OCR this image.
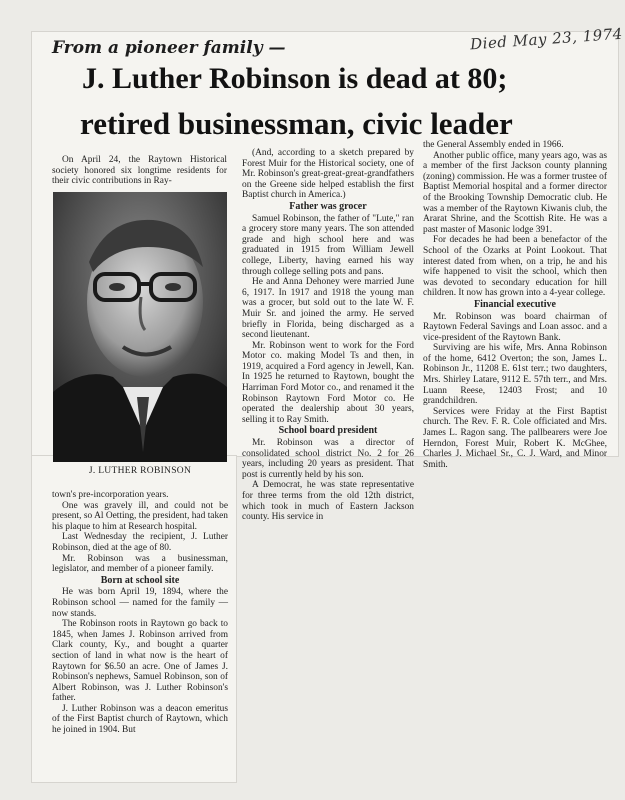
From a pioneer family —	Died May 23, 1974
J. Luther Robinson is dead at 80;
retired businessman, civic leader

On April 24, the Raytown Historical society honored six longtime residents for their civic contributions in Ray-

J. LUTHER ROBINSON

town's pre-incorporation years.

One was gravely ill, and could not be present, so Al Oetting, the president, had taken his plaque to him at Research hospital.

Last Wednesday the recipient, J. Luther Robinson, died at the age of 80.

Mr. Robinson was a businessman, legislator, and member of a pioneer family.

Born at school site

He was born April 19, 1894, where the Robinson school — named for the family — now stands.

The Robinson roots in Raytown go back to 1845, when James J. Robinson arrived from Clark county, Ky., and bought a quarter section of land in what now is the heart of Raytown for $6.50 an acre. One of James J. Robinson's nephews, Samuel Robinson, son of Albert Robinson, was J. Luther Robinson's father.

J. Luther Robinson was a deacon emeritus of the First Baptist church of Raytown, which he joined in 1904. But

(And, according to a sketch prepared by Forest Muir for the Historical society, one of Mr. Robinson's great-great-great-grandfathers on the Greene side helped establish the first Baptist church in America.)

Father was grocer

Samuel Robinson, the father of "Lute," ran a grocery store many years. The son attended grade and high school here and was graduated in 1915 from William Jewell college, Liberty, having earned his way through college selling pots and pans.

He and Anna Dehoney were married June 6, 1917. In 1917 and 1918 the young man was a grocer, but sold out to the late W. F. Muir Sr. and joined the army. He served briefly in Florida, being discharged as a second lieutenant.

Mr. Robinson went to work for the Ford Motor co. making Model Ts and then, in 1919, acquired a Ford agency in Jewell, Kan. In 1925 he returned to Raytown, bought the Harriman Ford Motor co., and renamed it the Robinson Raytown Ford Motor co. He operated the dealership about 30 years, selling it to Ray Smith.

School board president

Mr. Robinson was a director of consolidated school district No. 2 for 26 years, including 20 years as president. That post is currently held by his son.

A Democrat, he was state representative for three terms from the old 12th district, which took in much of Eastern Jackson county. His service in

the General Assembly ended in 1966.

Another public office, many years ago, was as a member of the first Jackson county planning (zoning) commission. He was a former trustee of Baptist Memorial hospital and a former director of the Brooking Township Democratic club. He was a member of the Raytown Kiwanis club, the Ararat Shrine, and the Scottish Rite. He was a past master of Masonic lodge 391.

For decades he had been a benefactor of the School of the Ozarks at Point Lookout. That interest dated from when, on a trip, he and his wife happened to visit the school, which then was devoted to secondary education for hill children. It now has grown into a 4-year college.

Financial executive

Mr. Robinson was board chairman of Raytown Federal Savings and Loan assoc. and a vice-president of the Raytown Bank.

Surviving are his wife, Mrs. Anna Robinson of the home, 6412 Overton; the son, James L. Robinson Jr., 11208 E. 61st terr.; two daughters, Mrs. Shirley Latare, 9112 E. 57th terr., and Mrs. Luann Reese, 12403 Frost; and 10 grandchildren.

Services were Friday at the First Baptist church. The Rev. F. R. Cole officiated and Mrs. James L. Ragon sang. The pallbearers were Joe Herndon, Forest Muir, Robert K. McGhee, Charles J. Michael Sr., C. J. Ward, and Minor Smith.
